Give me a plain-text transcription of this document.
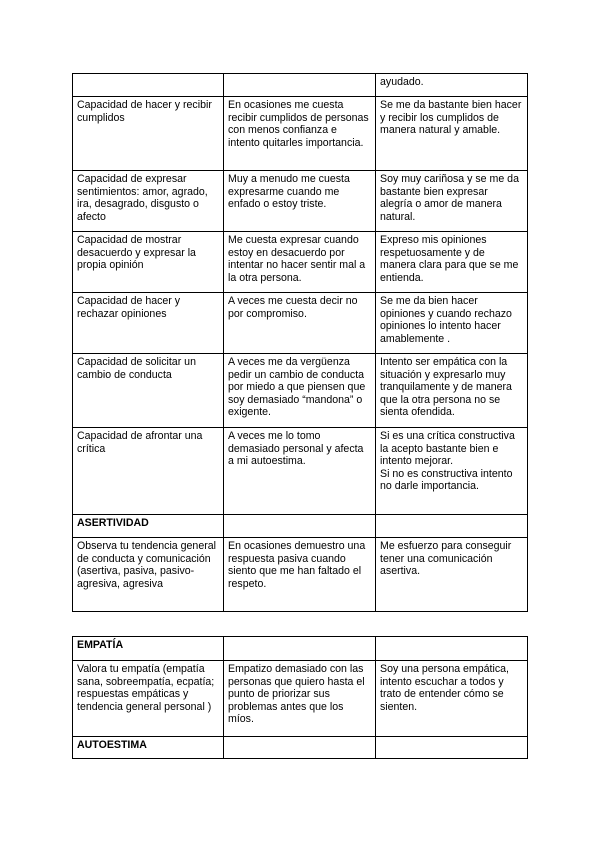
		ayudado.
Capacidad de hacer y recibir cumplidos	En ocasiones me cuesta recibir cumplidos de personas con menos confianza e intento quitarles importancia.	Se me da bastante bien hacer y recibir los cumplidos de manera natural y amable.
Capacidad de expresar sentimientos: amor, agrado, ira, desagrado, disgusto o afecto	Muy a menudo me cuesta expresarme cuando me enfado o estoy triste.	Soy muy cariñosa y se me da bastante bien expresar alegría o amor de manera natural.
Capacidad de mostrar desacuerdo y expresar la propia opinión	Me cuesta expresar cuando estoy en desacuerdo por intentar no hacer sentir mal a la otra persona.	Expreso mis opiniones respetuosamente y de manera clara para que se me entienda.
Capacidad de hacer y rechazar opiniones	A veces me cuesta decir no por compromiso.	Se me da bien hacer opiniones y cuando rechazo opiniones lo intento hacer amablemente .
Capacidad de solicitar un cambio de conducta	A veces me da vergüenza pedir un cambio de conducta por miedo a que piensen que soy demasiado “mandona” o exigente.	Intento ser empática con la situación y expresarlo muy tranquilamente y de manera que la otra persona no se sienta ofendida.
Capacidad de afrontar una crítica	A veces me lo tomo demasiado personal y afecta a mi autoestima.	Si es una crítica constructiva la acepto bastante bien e intento mejorar.
Si no es constructiva intento no darle importancia.

ASERTIVIDAD		
Observa tu tendencia general de conducta y comunicación (asertiva, pasiva, pasivo-agresiva, agresiva	En ocasiones demuestro una respuesta pasiva cuando siento que me han faltado el respeto.	Me esfuerzo para conseguir tener una comunicación asertiva.
EMPATÍA		
Valora tu empatía (empatía sana, sobreempatía, ecpatía; respuestas empáticas y tendencia general personal )	Empatizo demasiado con las personas que quiero hasta el punto de priorizar sus problemas antes que los míos.	Soy una persona empática, intento escuchar a todos y trato de entender cómo se sienten.
AUTOESTIMA		
